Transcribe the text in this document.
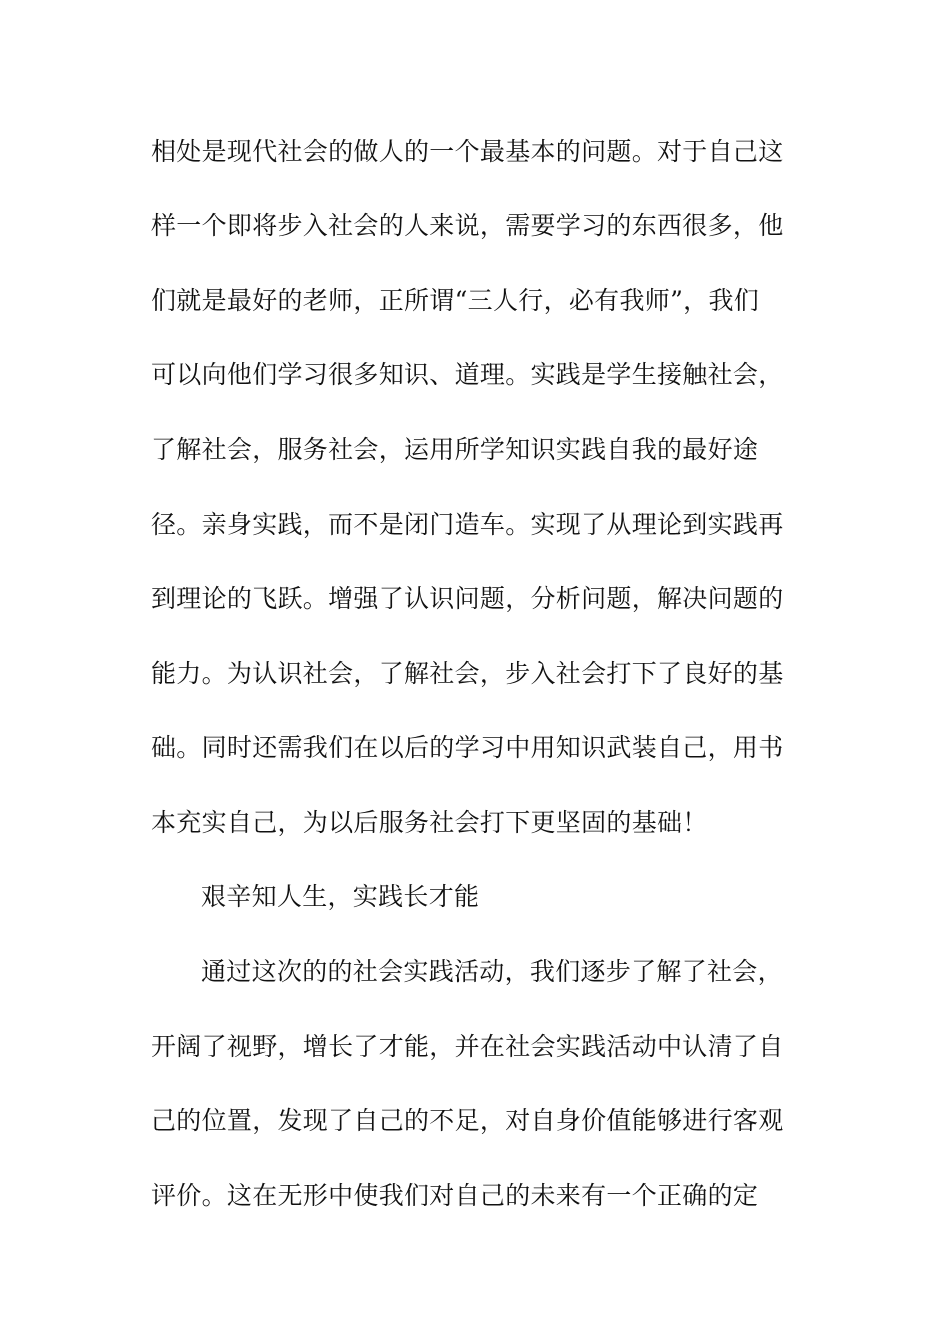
相处是现代社会的做人的一个最基本的问题。对于自己这
样一个即将步入社会的人来说，需要学习的东西很多，他
们就是最好的老师，正所谓“三人行，必有我师”，我们
可以向他们学习很多知识、道理。实践是学生接触社会，
了解社会，服务社会，运用所学知识实践自我的最好途
径。亲身实践，而不是闭门造车。实现了从理论到实践再
到理论的飞跃。增强了认识问题，分析问题，解决问题的
能力。为认识社会，了解社会，步入社会打下了良好的基
础。同时还需我们在以后的学习中用知识武装自己，用书
本充实自己，为以后服务社会打下更坚固的基础！
艰辛知人生，实践长才能
通过这次的的社会实践活动，我们逐步了解了社会，
开阔了视野，增长了才能，并在社会实践活动中认清了自
己的位置，发现了自己的不足，对自身价值能够进行客观
评价。这在无形中使我们对自己的未来有一个正确的定
